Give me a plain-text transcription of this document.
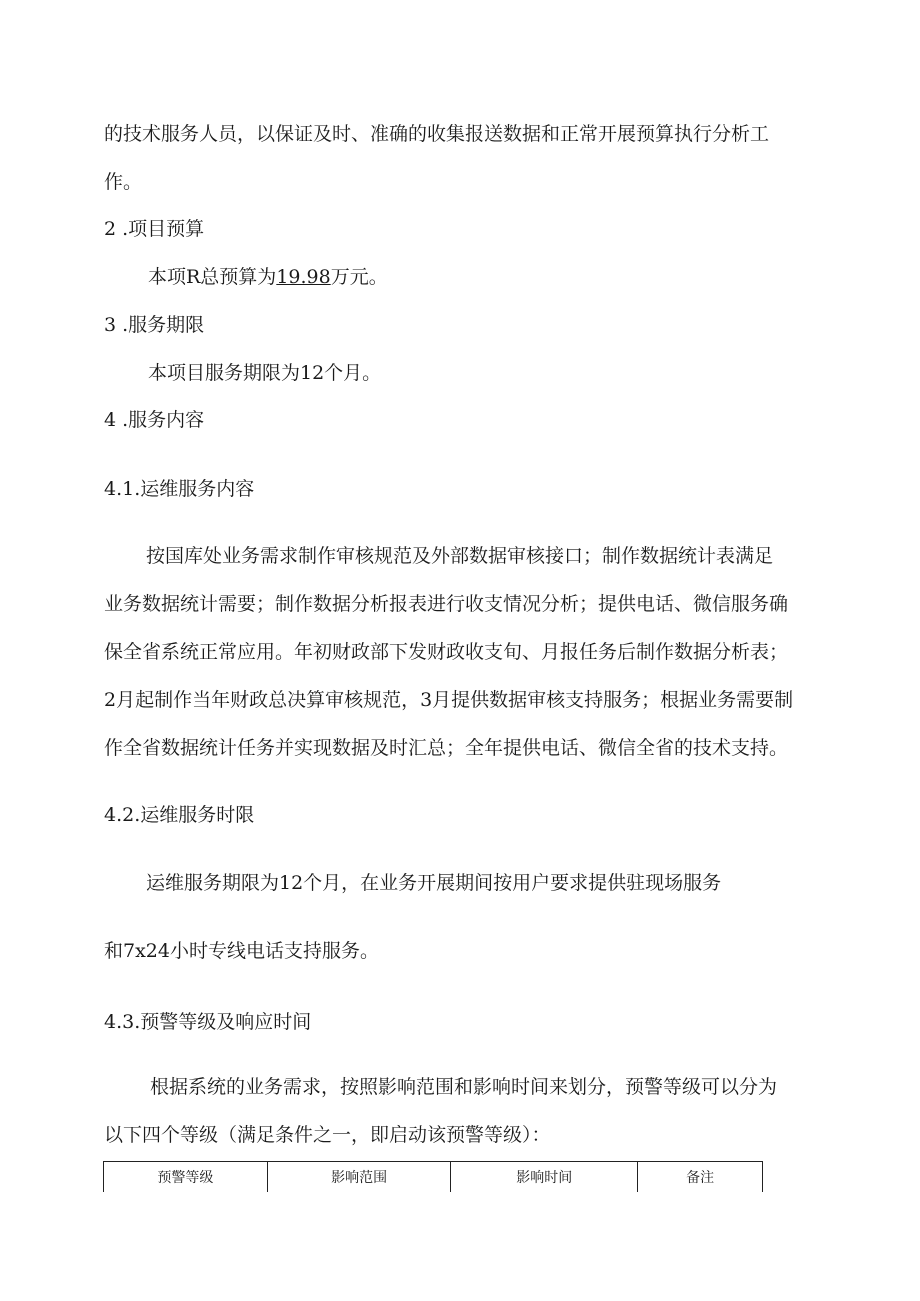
的技术服务人员，以保证及时、准确的收集报送数据和正常开展预算执行分析工
作。
2 .项目预算
本项R总预算为19.98万元。
3 .服务期限
本项目服务期限为12个月。
4 .服务内容
4.1.运维服务内容
按国库处业务需求制作审核规范及外部数据审核接口；制作数据统计表满足
业务数据统计需要；制作数据分析报表进行收支情况分析；提供电话、微信服务确
保全省系统正常应用。年初财政部下发财政收支旬、月报任务后制作数据分析表；
2月起制作当年财政总决算审核规范，3月提供数据审核支持服务；根据业务需要制
作全省数据统计任务并实现数据及时汇总；全年提供电话、微信全省的技术支持。
4.2.运维服务时限
运维服务期限为12个月，在业务开展期间按用户要求提供驻现场服务
和7x24小时专线电话支持服务。
4.3.预警等级及响应时间
根据系统的业务需求，按照影响范围和影响时间来划分，预警等级可以分为
以下四个等级（满足条件之一，即启动该预警等级）：
预警等级	影响范围	影响时间	备注
